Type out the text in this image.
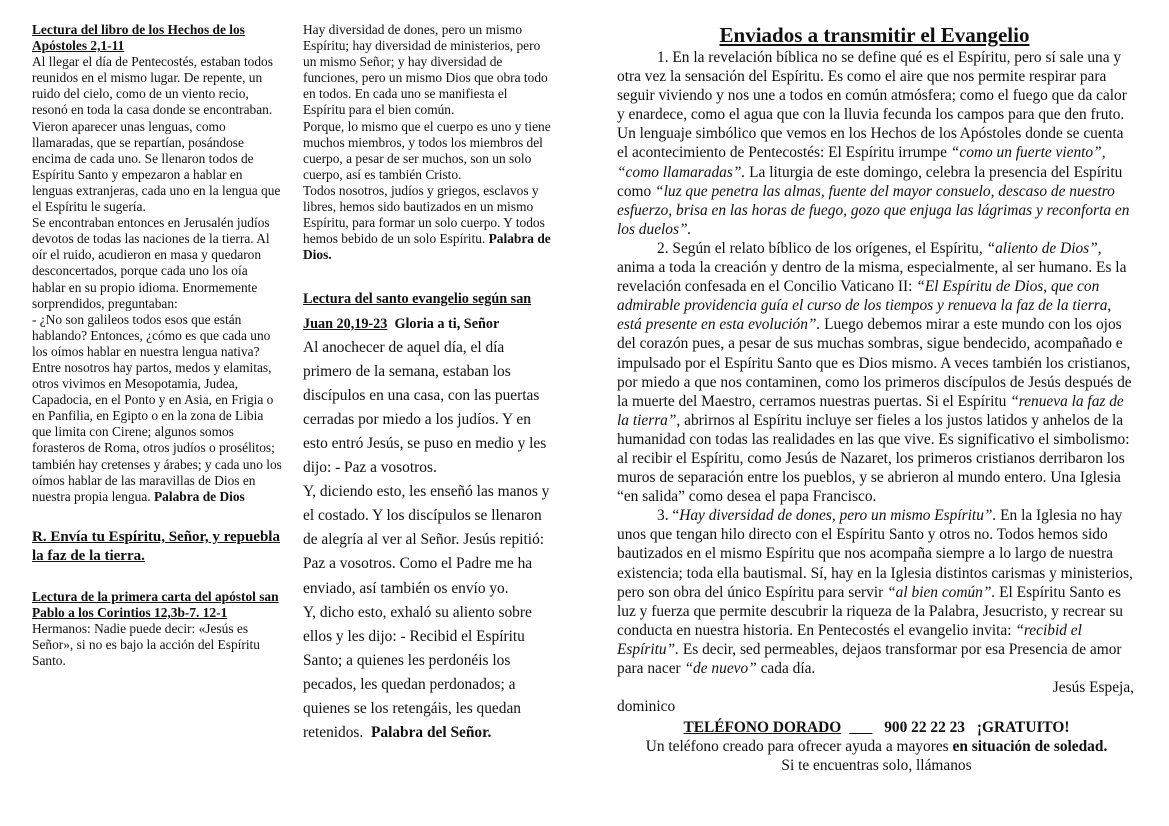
Lectura del libro de los Hechos de los Apóstoles 2,1-11

Al llegar el día de Pentecostés, estaban todos reunidos en el mismo lugar. De repente, un ruido del cielo, como de un viento recio, resonó en toda la casa donde se encontraban. Vieron aparecer unas lenguas, como llamaradas, que se repartían, posándose encima de cada uno. Se llenaron todos de Espíritu Santo y empezaron a hablar en lenguas extranjeras, cada uno en la lengua que el Espíritu le sugería.

Se encontraban entonces en Jerusalén judíos devotos de todas las naciones de la tierra. Al oír el ruido, acudieron en masa y quedaron desconcertados, porque cada uno los oía hablar en su propio idioma. Enormemente sorprendidos, preguntaban:

- ¿No son galileos todos esos que están hablando? Entonces, ¿cómo es que cada uno los oímos hablar en nuestra lengua nativa?

Entre nosotros hay partos, medos y elamitas, otros vivimos en Mesopotamia, Judea, Capadocia, en el Ponto y en Asia, en Frigia o en Panfilia, en Egipto o en la zona de Libia que limita con Cirene; algunos somos forasteros de Roma, otros judíos o prosélitos; también hay cretenses y árabes; y cada uno los oímos hablar de las maravillas de Dios en nuestra propia lengua. Palabra de Dios

R. Envía tu Espíritu, Señor, y repuebla la faz de la tierra.

Lectura de la primera carta del apóstol san Pablo a los Corintios 12,3b-7. 12-1

Hermanos: Nadie puede decir: «Jesús es Señor», si no es bajo la acción del Espíritu Santo.

Hay diversidad de dones, pero un mismo Espíritu; hay diversidad de ministerios, pero un mismo Señor; y hay diversidad de funciones, pero un mismo Dios que obra todo en todos. En cada uno se manifiesta el Espíritu para el bien común.

Porque, lo mismo que el cuerpo es uno y tiene muchos miembros, y todos los miembros del cuerpo, a pesar de ser muchos, son un solo cuerpo, así es también Cristo.

Todos nosotros, judíos y griegos, esclavos y libres, hemos sido bautizados en un mismo Espíritu, para formar un solo cuerpo. Y todos hemos bebido de un solo Espíritu. Palabra de Dios.

Lectura del santo evangelio según san Juan 20,19-23 Gloria a ti, Señor

Al anochecer de aquel día, el día primero de la semana, estaban los discípulos en una casa, con las puertas cerradas por miedo a los judíos. Y en esto entró Jesús, se puso en medio y les dijo: - Paz a vosotros.

Y, diciendo esto, les enseñó las manos y el costado. Y los discípulos se llenaron de alegría al ver al Señor. Jesús repitió: Paz a vosotros. Como el Padre me ha enviado, así también os envío yo.

Y, dicho esto, exhaló su aliento sobre ellos y les dijo: - Recibid el Espíritu Santo; a quienes les perdonéis los pecados, les quedan perdonados; a quienes se los retengáis, les quedan retenidos. Palabra del Señor.

Enviados a transmitir el Evangelio

1. En la revelación bíblica no se define qué es el Espíritu, pero sí sale una y otra vez la sensación del Espíritu. Es como el aire que nos permite respirar para seguir viviendo y nos une a todos en común atmósfera; como el fuego que da calor y enardece, como el agua que con la lluvia fecunda los campos para que den fruto. Un lenguaje simbólico que vemos en los Hechos de los Apóstoles donde se cuenta el acontecimiento de Pentecostés: El Espíritu irrumpe “como un fuerte viento”, “como llamaradas”. La liturgia de este domingo, celebra la presencia del Espíritu como “luz que penetra las almas, fuente del mayor consuelo, descaso de nuestro esfuerzo, brisa en las horas de fuego, gozo que enjuga las lágrimas y reconforta en los duelos”.

2. Según el relato bíblico de los orígenes, el Espíritu, “aliento de Dios”, anima a toda la creación y dentro de la misma, especialmente, al ser humano. Es la revelación confesada en el Concilio Vaticano II: “El Espíritu de Dios, que con admirable providencia guía el curso de los tiempos y renueva la faz de la tierra, está presente en esta evolución”. Luego debemos mirar a este mundo con los ojos del corazón pues, a pesar de sus muchas sombras, sigue bendecido, acompañado e impulsado por el Espíritu Santo que es Dios mismo. A veces también los cristianos, por miedo a que nos contaminen, como los primeros discípulos de Jesús después de la muerte del Maestro, cerramos nuestras puertas. Si el Espíritu “renueva la faz de la tierra”, abrirnos al Espíritu incluye ser fieles a los justos latidos y anhelos de la humanidad con todas las realidades en las que vive. Es significativo el simbolismo: al recibir el Espíritu, como Jesús de Nazaret, los primeros cristianos derribaron los muros de separación entre los pueblos, y se abrieron al mundo entero. Una Iglesia “en salida” como desea el papa Francisco.

3. “Hay diversidad de dones, pero un mismo Espíritu”. En la Iglesia no hay unos que tengan hilo directo con el Espíritu Santo y otros no. Todos hemos sido bautizados en el mismo Espíritu que nos acompaña siempre a lo largo de nuestra existencia; toda ella bautismal. Sí, hay en la Iglesia distintos carismas y ministerios, pero son obra del único Espíritu para servir “al bien común”. El Espíritu Santo es luz y fuerza que permite descubrir la riqueza de la Palabra, Jesucristo, y recrear su conducta en nuestra historia. En Pentecostés el evangelio invita: “recibid el Espíritu”. Es decir, sed permeables, dejaos transformar por esa Presencia de amor para nacer “de nuevo” cada día.

Jesús Espeja,

dominico

TELÉFONO DORADO	900 22 22 23 ¡GRATUITO!

Un teléfono creado para ofrecer ayuda a mayores en situación de soledad.

Si te encuentras solo, llámanos
